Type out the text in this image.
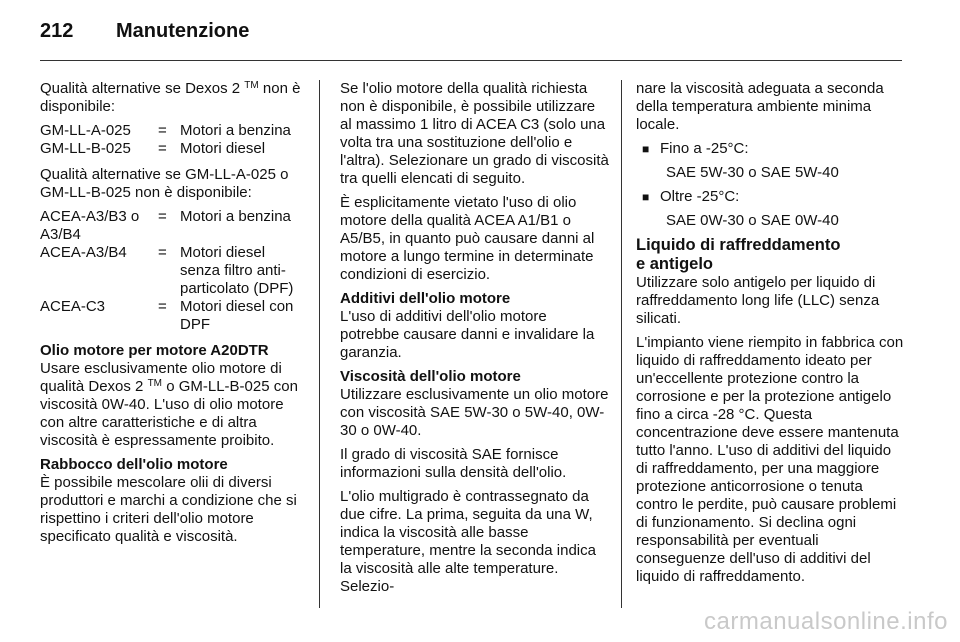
212 Manutenzione

Qualità alternative se Dexos 2 ™ non è disponibile:

GM-LL-A-025	=	Motori a benzina
GM-LL-B-025	=	Motori diesel

Qualità alternative se GM-LL-A-025 o GM-LL-B-025 non è disponibile:

ACEA-A3/B3 o A3/B4	=	Motori a benzina
ACEA-A3/B4	=	Motori diesel senza filtro anti-particolato (DPF)
ACEA-C3	=	Motori diesel con DPF
Olio motore per motore A20DTR

Usare esclusivamente olio motore di qualità Dexos 2 ™ o GM-LL-B-025 con viscosità 0W-40. L'uso di olio motore con altre caratteristiche e di altra viscosità è espressamente proibito.

Rabbocco dell'olio motore

È possibile mescolare olii di diversi produttori e marchi a condizione che si rispettino i criteri dell'olio motore specificato qualità e viscosità.

Se l'olio motore della qualità richiesta non è disponibile, è possibile utilizzare al massimo 1 litro di ACEA C3 (solo una volta tra una sostituzione dell'olio e l'altra). Selezionare un grado di viscosità tra quelli elencati di seguito.

È esplicitamente vietato l'uso di olio motore della qualità ACEA A1/B1 o A5/B5, in quanto può causare danni al motore a lungo termine in determinate condizioni di esercizio.

Additivi dell'olio motore

L'uso di additivi dell'olio motore potrebbe causare danni e invalidare la garanzia.

Viscosità dell'olio motore

Utilizzare esclusivamente un olio motore con viscosità SAE 5W-30 o 5W-40, 0W-30 o 0W-40.

Il grado di viscosità SAE fornisce informazioni sulla densità dell'olio.

L'olio multigrado è contrassegnato da due cifre. La prima, seguita da una W, indica la viscosità alle basse temperature, mentre la seconda indica la viscosità alle alte temperature. Selezio-

nare la viscosità adeguata a seconda della temperatura ambiente minima locale.

■ Fino a -25°C:
SAE 5W-30 o SAE 5W-40
■ Oltre -25°C:
SAE 0W-30 o SAE 0W-40
Liquido di raffreddamento
e antigelo

Utilizzare solo antigelo per liquido di raffreddamento long life (LLC) senza silicati.

L'impianto viene riempito in fabbrica con liquido di raffreddamento ideato per un'eccellente protezione contro la corrosione e per la protezione antigelo fino a circa -28 °C. Questa concentrazione deve essere mantenuta tutto l'anno. L'uso di additivi del liquido di raffreddamento, per una maggiore protezione anticorrosione o tenuta contro le perdite, può causare problemi di funzionamento. Si declina ogni responsabilità per eventuali conseguenze dell'uso di additivi del liquido di raffreddamento.

carmanualsonline.info
